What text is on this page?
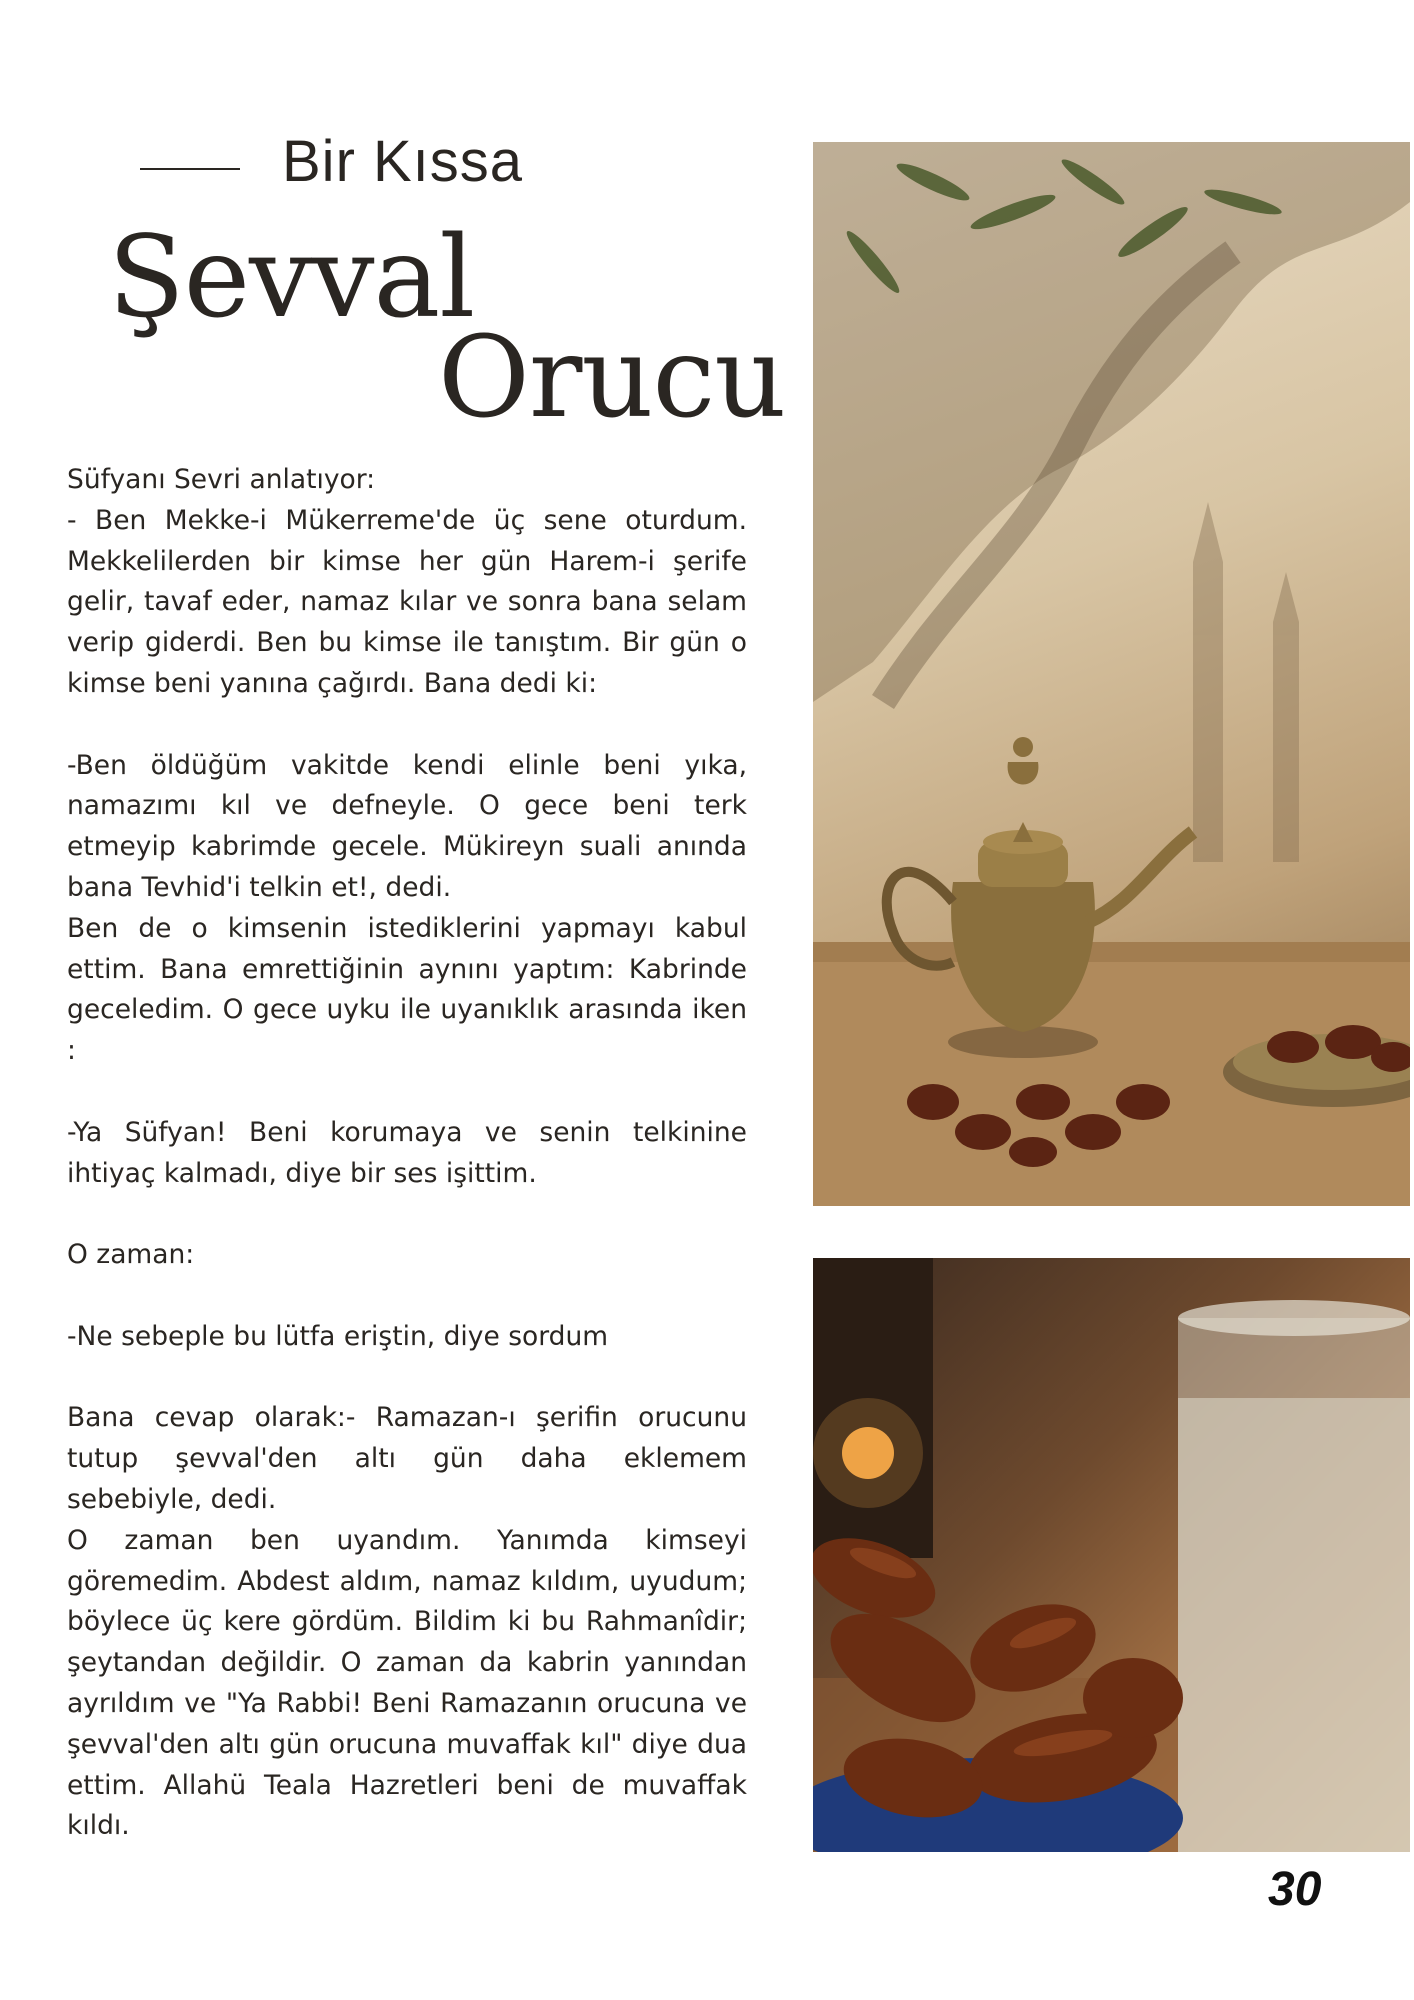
Bir Kıssa
Şevval
Orucu

Süfyanı Sevri anlatıyor:

- Ben Mekke-i Mükerreme'de üç sene oturdum. Mekkelilerden bir kimse her gün Harem-i şerife gelir, tavaf eder, namaz kılar ve sonra bana selam verip giderdi. Ben bu kimse ile tanıştım. Bir gün o kimse beni yanına çağırdı. Bana dedi ki:

-Ben öldüğüm vakitde kendi elinle beni yıka, namazımı kıl ve defneyle. O gece beni terk etmeyip kabrimde gecele. Mükireyn suali anında bana Tevhid'i telkin et!, dedi.

Ben de o kimsenin istediklerini yapmayı kabul ettim. Bana emrettiğinin aynını yaptım: Kabrinde geceledim. O gece uyku ile uyanıklık arasında iken :

-Ya Süfyan! Beni korumaya ve senin telkinine ihtiyaç kalmadı, diye bir ses işittim.

O zaman:

-Ne sebeple bu lütfa eriştin, diye sordum

Bana cevap olarak:- Ramazan-ı şerifin orucunu tutup şevval'den altı gün daha eklemem sebebiyle, dedi.

O zaman ben uyandım. Yanımda kimseyi göremedim. Abdest aldım, namaz kıldım, uyudum; böylece üç kere gördüm. Bildim ki bu Rahmanîdir; şeytandan değildir. O zaman da kabrin yanından ayrıldım ve "Ya Rabbi! Beni Ramazanın orucuna ve şevval'den altı gün orucuna muvaffak kıl" diye dua ettim. Allahü Teala Hazretleri beni de muvaffak kıldı.

30
